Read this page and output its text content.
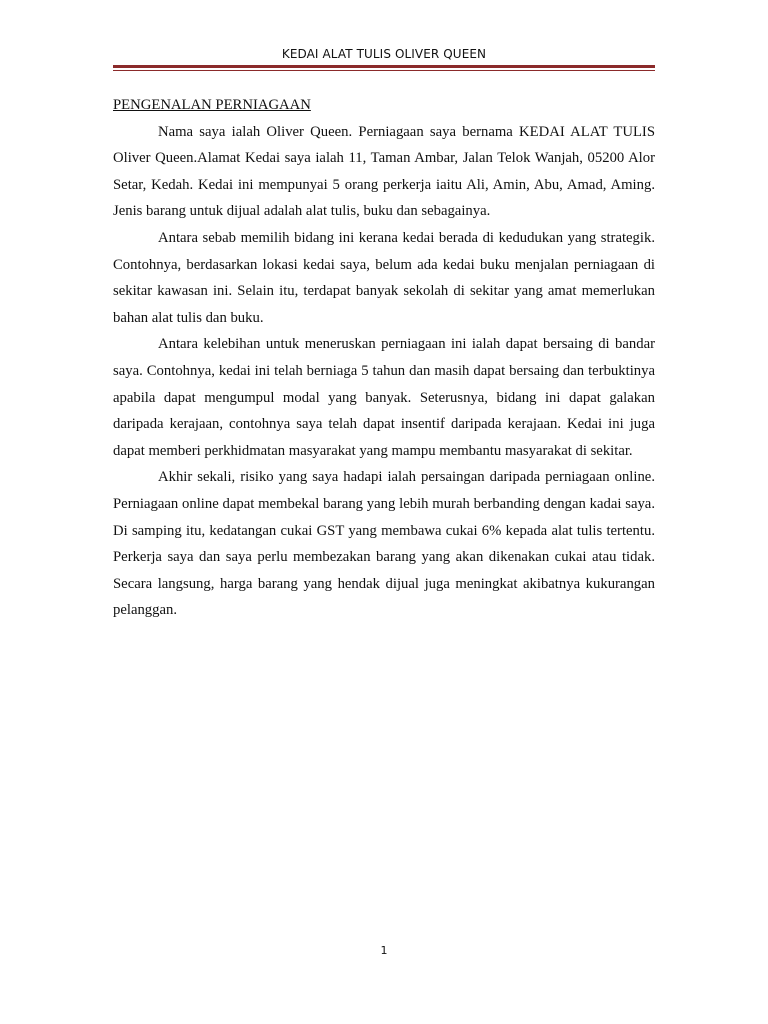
KEDAI ALAT TULIS OLIVER QUEEN

PENGENALAN PERNIAGAAN

Nama saya ialah Oliver Queen. Perniagaan saya bernama KEDAI ALAT TULIS Oliver Queen.Alamat Kedai saya ialah 11, Taman Ambar, Jalan Telok Wanjah, 05200 Alor Setar, Kedah. Kedai ini mempunyai 5 orang perkerja iaitu Ali, Amin, Abu, Amad, Aming. Jenis barang untuk dijual adalah alat tulis, buku dan sebagainya.

Antara sebab memilih bidang ini kerana kedai berada di kedudukan yang strategik. Contohnya, berdasarkan lokasi kedai saya, belum ada kedai buku menjalan perniagaan di sekitar kawasan ini. Selain itu, terdapat banyak sekolah di sekitar yang amat memerlukan bahan alat tulis dan buku.

Antara kelebihan untuk meneruskan perniagaan ini ialah dapat bersaing di bandar saya. Contohnya, kedai ini telah berniaga 5 tahun dan masih dapat bersaing dan terbuktinya apabila dapat mengumpul modal yang banyak. Seterusnya, bidang ini dapat galakan daripada kerajaan, contohnya saya telah dapat insentif daripada kerajaan. Kedai ini juga dapat memberi perkhidmatan masyarakat yang mampu membantu masyarakat di sekitar.

Akhir sekali, risiko yang saya hadapi ialah persaingan daripada perniagaan online. Perniagaan online dapat membekal barang yang lebih murah berbanding dengan kadai saya. Di samping itu, kedatangan cukai GST yang membawa cukai 6% kepada alat tulis tertentu. Perkerja saya dan saya perlu membezakan barang yang akan dikenakan cukai atau tidak. Secara langsung, harga barang yang hendak dijual juga meningkat akibatnya kukurangan pelanggan.

1
